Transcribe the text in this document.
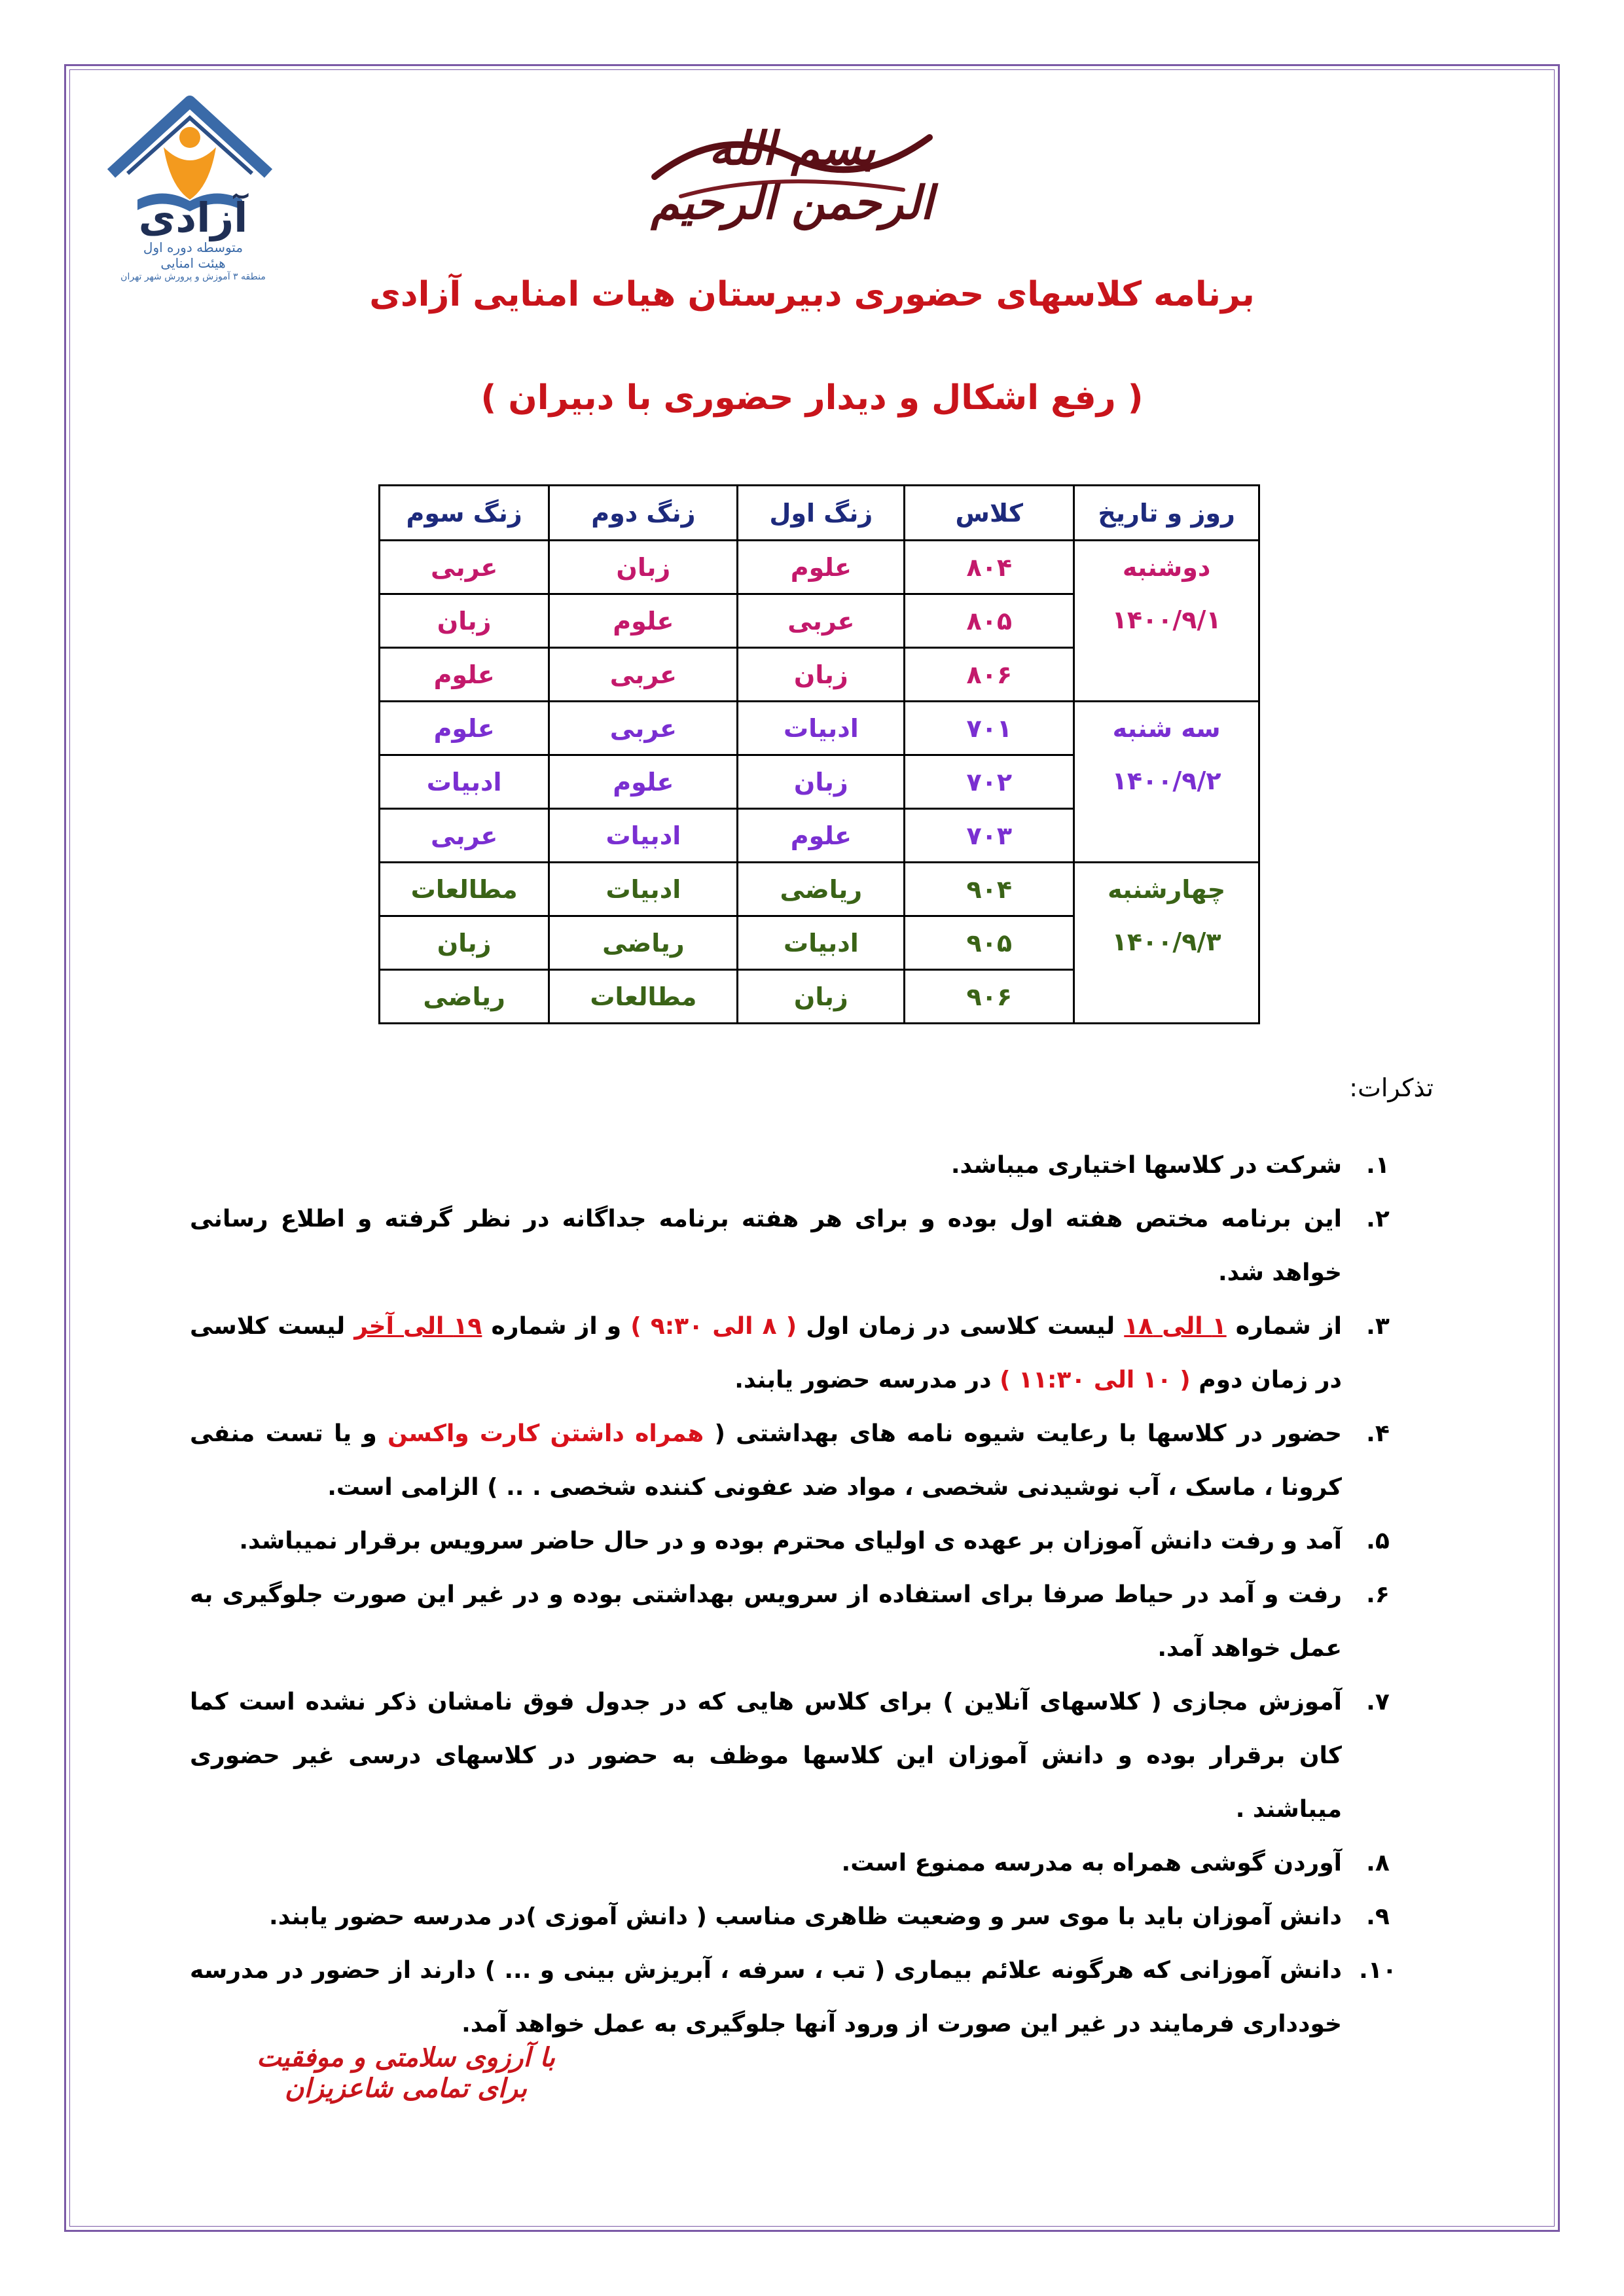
آزادی
متوسطه دوره اول
هیئت امنایی
منطقه ۳ آموزش و پرورش شهر تهران
بسم الله الرحمن الرحیم
برنامه کلاسهای حضوری دبیرستان هیات امنایی آزادی
( رفع اشکال و دیدار حضوری با دبیران )
روز و تاریخ	کلاس	زنگ اول	زنگ دوم	زنگ سوم

دوشنبه
۱۴۰۰/۹/۱	۸۰۴	علوم	زبان	عربی
	۸۰۵	عربی	علوم	زبان
	۸۰۶	زبان	عربی	علوم

سه شنبه
۱۴۰۰/۹/۲	۷۰۱	ادبیات	عربی	علوم
	۷۰۲	زبان	علوم	ادبیات
	۷۰۳	علوم	ادبیات	عربی

چهارشنبه
۱۴۰۰/۹/۳	۹۰۴	ریاضی	ادبیات	مطالعات
	۹۰۵	ادبیات	ریاضی	زبان
	۹۰۶	زبان	مطالعات	ریاضی
تذکرات:
۱.
شرکت در کلاسها اختیاری میباشد.
۲.
این برنامه مختص هفته اول بوده و برای هر هفته برنامه جداگانه در نظر گرفته و اطلاع رسانی خواهد شد.
۳.
از شماره ۱ الی ۱۸ لیست کلاسی در زمان اول ( ۸ الی ۹:۳۰ ) و از شماره ۱۹ الی آخر لیست کلاسی در زمان دوم ( ۱۰ الی ۱۱:۳۰ ) در مدرسه حضور یابند.
۴.
حضور در کلاسها با رعایت شیوه نامه های بهداشتی ( همراه داشتن کارت واکسن و یا تست منفی کرونا ، ماسک ، آب نوشیدنی شخصی ، مواد ضد عفونی کننده شخصی . .. ) الزامی است.
۵.
آمد و رفت دانش آموزان بر عهده ی اولیای محترم بوده و در حال حاضر سرویس برقرار نمیباشد.
۶.
رفت و آمد در حیاط صرفا برای استفاده از سرویس بهداشتی بوده و در غیر این صورت جلوگیری به عمل خواهد آمد.
۷.
آموزش مجازی ( کلاسهای آنلاین ) برای کلاس هایی که در جدول فوق نامشان ذکر نشده است کما کان برقرار بوده و دانش آموزان این کلاسها موظف به حضور در کلاسهای درسی غیر حضوری میباشند .
۸.
آوردن گوشی همراه به مدرسه ممنوع است.
۹.
دانش آموزان باید با موی سر و وضعیت ظاهری مناسب ( دانش آموزی )در مدرسه حضور یابند.
۱۰.
دانش آموزانی که هرگونه علائم بیماری ( تب ، سرفه ، آبریزش بینی و ... ) دارند از حضور در مدرسه خودداری فرمایند در غیر این صورت از ورود آنها جلوگیری به عمل خواهد آمد.
با آرزوی سلامتی و موفقیت برای تمامی شاعزیزان
